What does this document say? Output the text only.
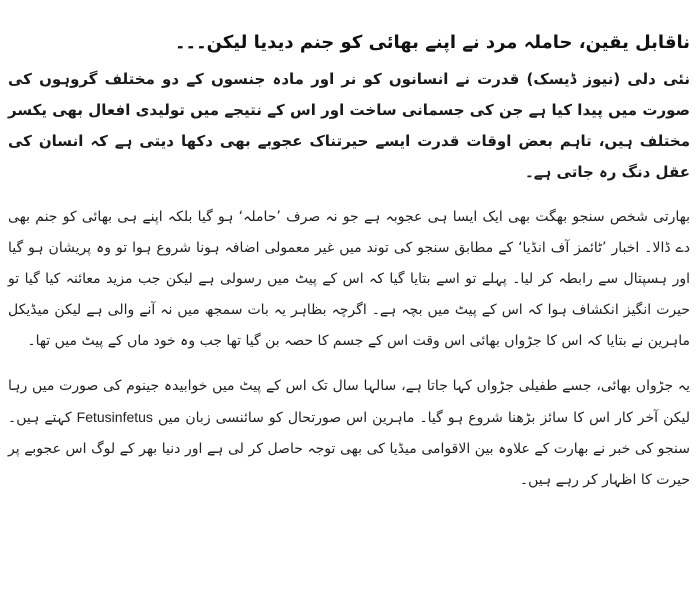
ناقابل یقین، حاملہ مرد نے اپنے بھائی کو جنم دیدیا لیکن۔۔۔

نئی دلی (نیوز ڈیسک) قدرت نے انسانوں کو نر اور مادہ جنسوں کے دو مختلف گروہوں کی صورت میں پیدا کیا ہے جن کی جسمانی ساخت اور اس کے نتیجے میں تولیدی افعال بھی یکسر مختلف ہیں، تاہم بعض اوقات قدرت ایسے حیرتناک عجوبے بھی دکھا دیتی ہے کہ انسان کی عقل دنگ رہ جاتی ہے۔

بھارتی شخص سنجو بھگت بھی ایک ایسا ہی عجوبہ ہے جو نہ صرف ’حاملہ‘ ہو گیا بلکہ اپنے ہی بھائی کو جنم بھی دے ڈالا۔ اخبار ’ٹائمز آف انڈیا‘ کے مطابق سنجو کی توند میں غیر معمولی اضافہ ہونا شروع ہوا تو وہ پریشان ہو گیا اور ہسپتال سے رابطہ کر لیا۔ پہلے تو اسے بتایا گیا کہ اس کے پیٹ میں رسولی ہے لیکن جب مزید معائنہ کیا گیا تو حیرت انگیز انکشاف ہوا کہ اس کے پیٹ میں بچہ ہے۔ اگرچہ بظاہر یہ بات سمجھ میں نہ آنے والی ہے لیکن میڈیکل ماہرین نے بتایا کہ اس کا جڑواں بھائی اس وقت اس کے جسم کا حصہ بن گیا تھا جب وہ خود ماں کے پیٹ میں تھا۔

یہ جڑواں بھائی، جسے طفیلی جڑواں کہا جاتا ہے، سالہا سال تک اس کے پیٹ میں خوابیدہ جینوم کی صورت میں رہا لیکن آخر کار اس کا سائز بڑھنا شروع ہو گیا۔ ماہرین اس صورتحال کو سائنسی زبان میں Fetusinfetus کہتے ہیں۔ سنجو کی خبر نے بھارت کے علاوہ بین الاقوامی میڈیا کی بھی توجہ حاصل کر لی ہے اور دنیا بھر کے لوگ اس عجوبے پر حیرت کا اظہار کر رہے ہیں۔
